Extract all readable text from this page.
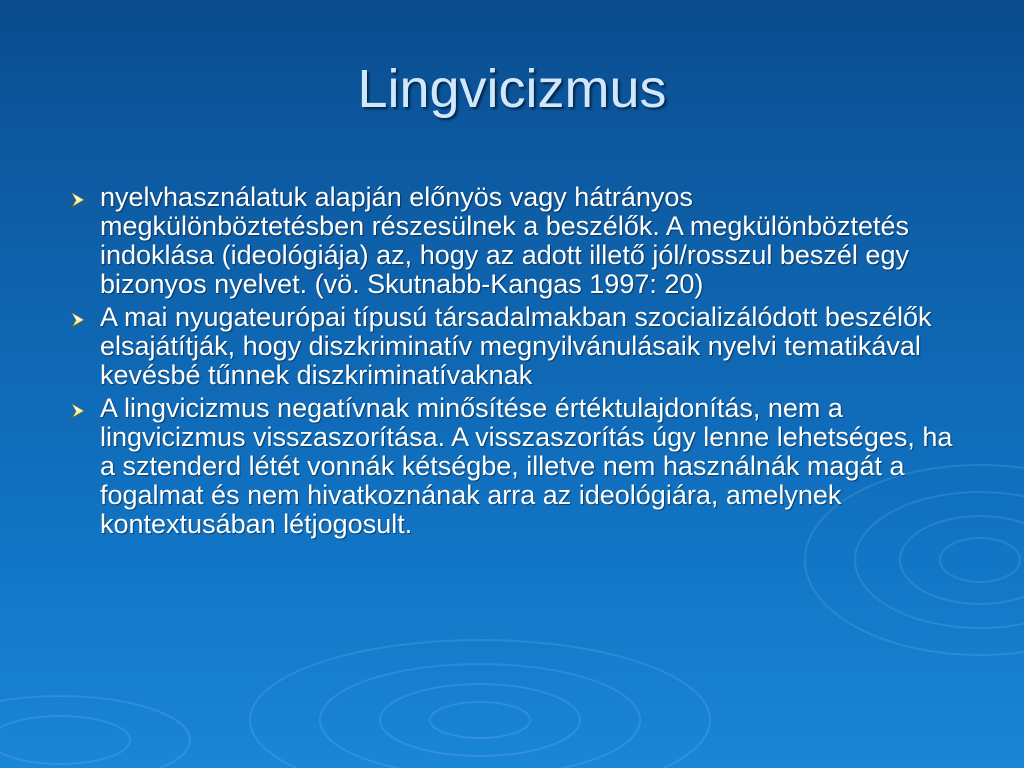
Lingvicizmus
nyelvhasználatuk alapján előnyös vagy hátrányos megkülönböztetésben részesülnek a beszélők. A megkülönböztetés indoklása (ideológiája) az, hogy az adott illető jól/rosszul beszél egy bizonyos nyelvet. (vö. Skutnabb-Kangas 1997: 20)
A mai nyugateurópai típusú társadalmakban szocializálódott beszélők elsajátítják, hogy diszkriminatív megnyilvánulásaik nyelvi tematikával kevésbé tűnnek diszkriminatívaknak
A lingvicizmus negatívnak minősítése értéktulajdonítás, nem a lingvicizmus visszaszorítása. A visszaszorítás úgy lenne lehetséges, ha a sztenderd létét vonnák kétségbe, illetve nem használnák magát a fogalmat és nem hivatkoznának arra az ideológiára, amelynek kontextusában létjogosult.
